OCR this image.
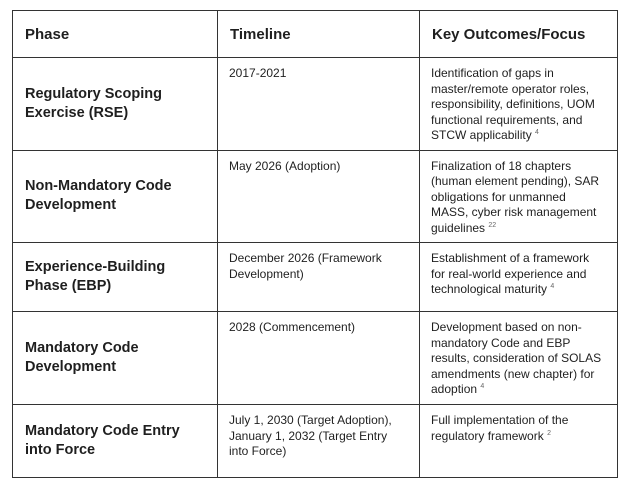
Phase	Timeline	Key Outcomes/Focus

Regulatory Scoping Exercise (RSE)	2017-2021	Identification of gaps in master/remote operator roles, responsibility, definitions, UOM functional requirements, and STCW applicability $^4$

Non-Mandatory Code Development	May 2026 (Adoption)	Finalization of 18 chapters (human element pending), SAR obligations for unmanned MASS, cyber risk management guidelines $^{22}$

Experience-Building Phase (EBP)	December 2026 (Framework Development)	Establishment of a framework for real-world experience and technological maturity $^4$

Mandatory Code Development	2028 (Commencement)	Development based on non-mandatory Code and EBP results, consideration of SOLAS amendments (new chapter) for adoption $^4$

Mandatory Code Entry into Force	July 1, 2030 (Target Adoption), January 1, 2032 (Target Entry into Force)	Full implementation of the regulatory framework $^2$
